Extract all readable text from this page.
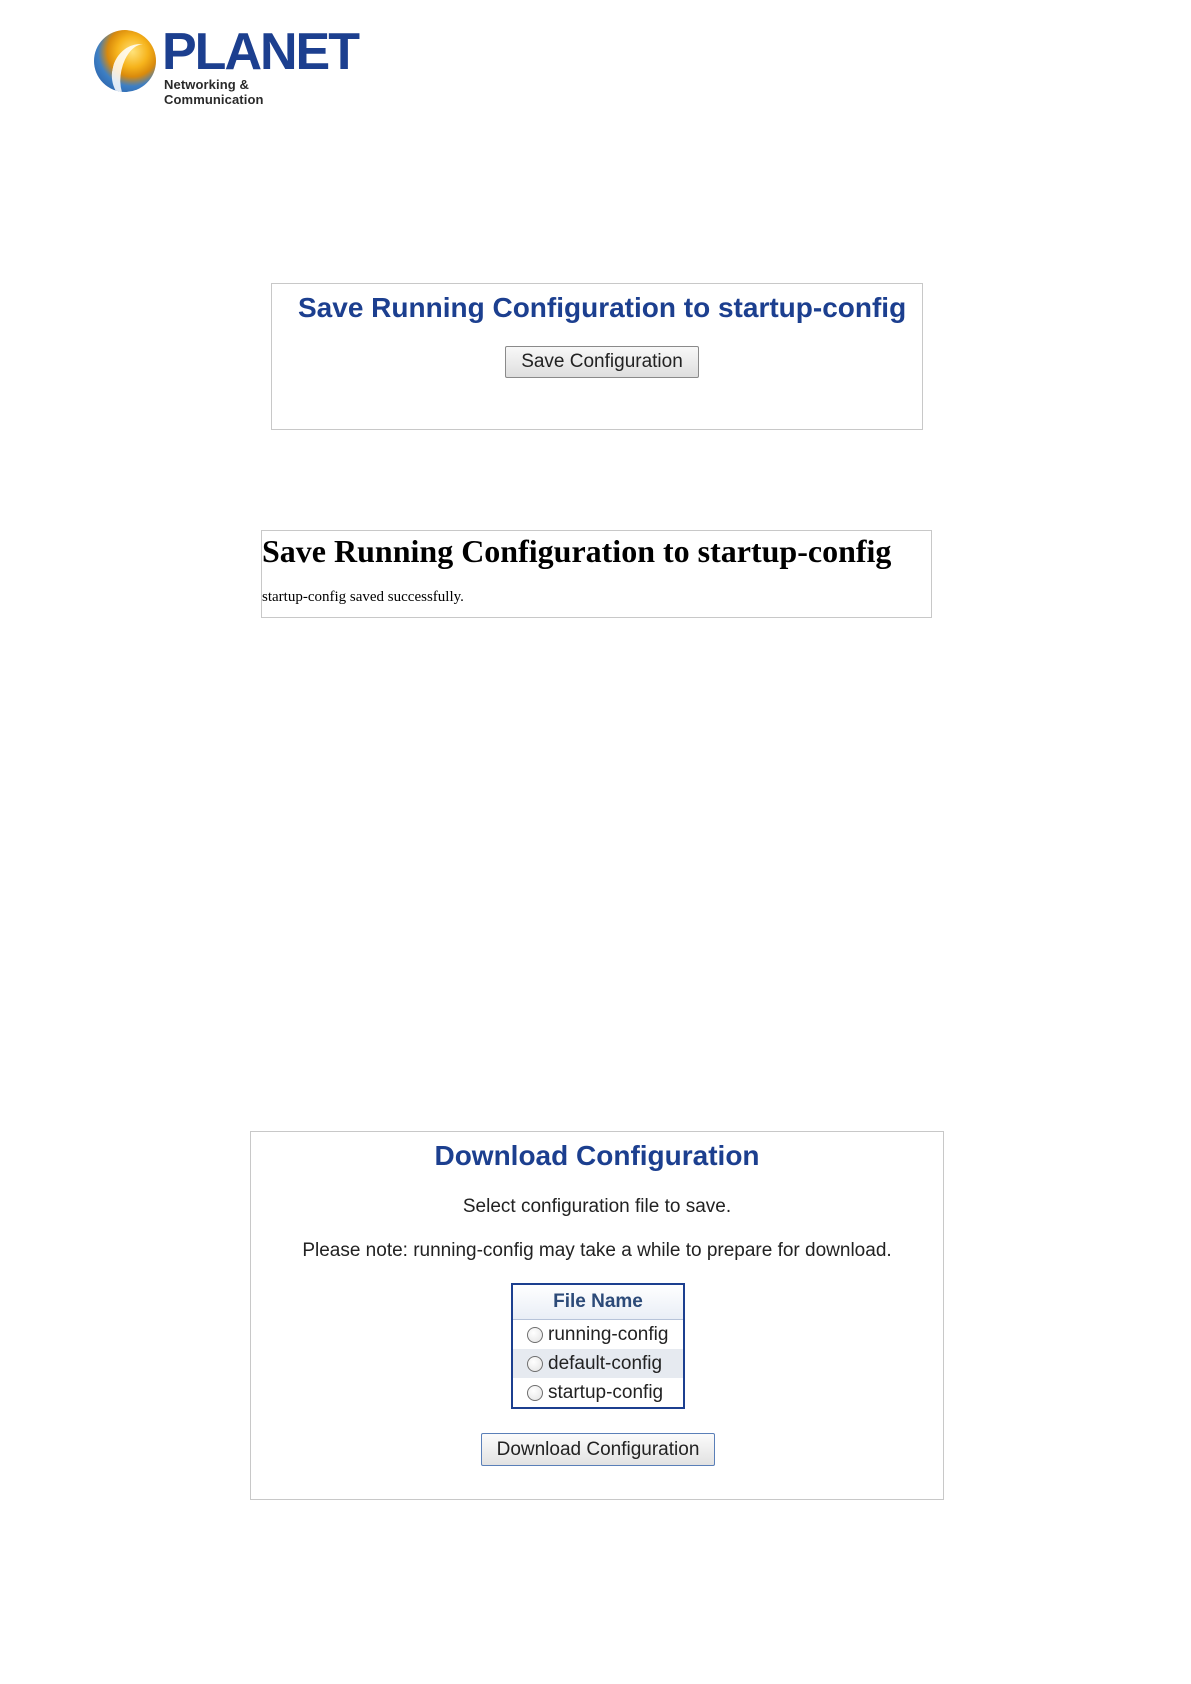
PLANET
Networking & Communication
Save Running Configuration to startup-config
Save Configuration
Save Running Configuration to startup-config

startup-config saved successfully.

Download Configuration

Select configuration file to save.

Please note: running-config may take a while to prepare for download.

File Name
running-config
default-config
startup-config
Download Configuration
